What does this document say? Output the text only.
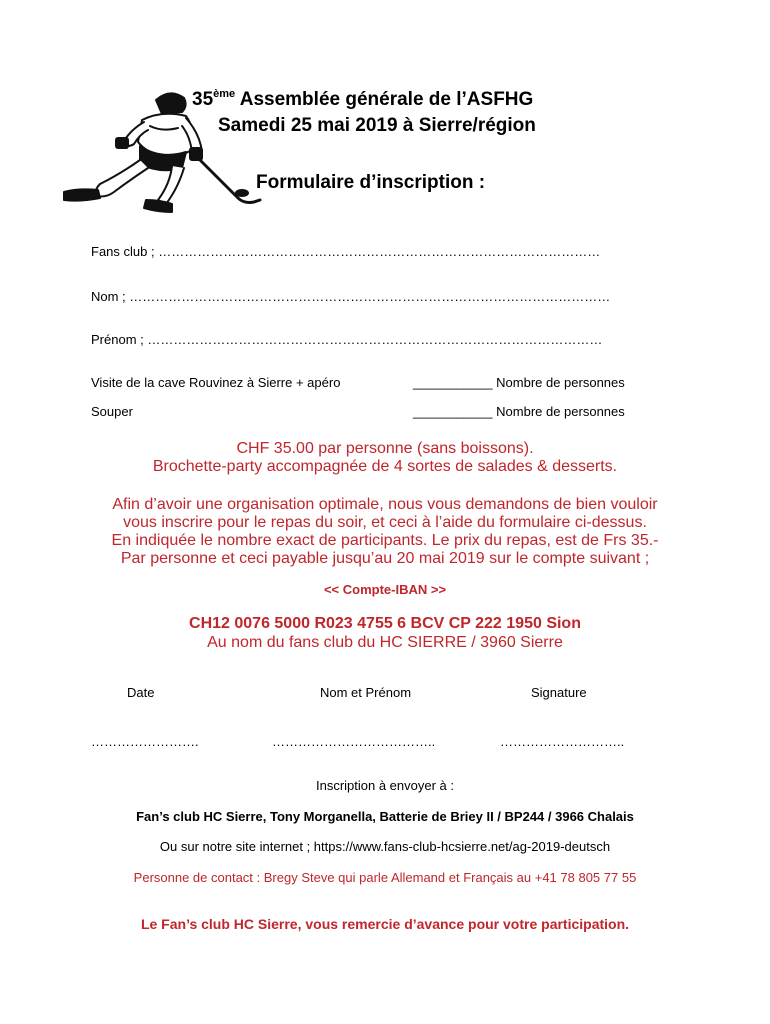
35ème Assemblée générale de l’ASFHG
Samedi 25 mai 2019 à Sierre/région
Formulaire d’inscription :
Fans club ; …………………………………………………………………………………………
Nom ; …………………………………………………………………………………………………
Prénom ; ……………………………………………………………………………………………
Visite de la cave Rouvinez à Sierre + apéro	___________ Nombre de personnes
Souper	___________ Nombre de personnes
CHF 35.00 par personne (sans boissons).
Brochette-party accompagnée de 4 sortes de salades & desserts.
Afin d’avoir une organisation optimale, nous vous demandons de bien vouloir
vous inscrire pour le repas du soir, et ceci à l’aide du formulaire ci-dessus.
En indiquée le nombre exact de participants. Le prix du repas, est de Frs 35.-
Par personne et ceci payable jusqu’au 20 mai 2019 sur le compte suivant ;
<< Compte-IBAN >>
CH12 0076 5000 R023 4755 6 BCV CP 222 1950 Sion
Au nom du fans club du HC SIERRE / 3960 Sierre
Date	Nom et Prénom	Signature
…………………….	………………………………..	………………………..
Inscription à envoyer à :
Fan’s club HC Sierre, Tony Morganella, Batterie de Briey II / BP244 / 3966 Chalais
Ou sur notre site internet ; https://www.fans-club-hcsierre.net/ag-2019-deutsch
Personne de contact : Bregy Steve qui parle Allemand et Français au +41 78 805 77 55
Le Fan’s club HC Sierre, vous remercie d’avance pour votre participation.
